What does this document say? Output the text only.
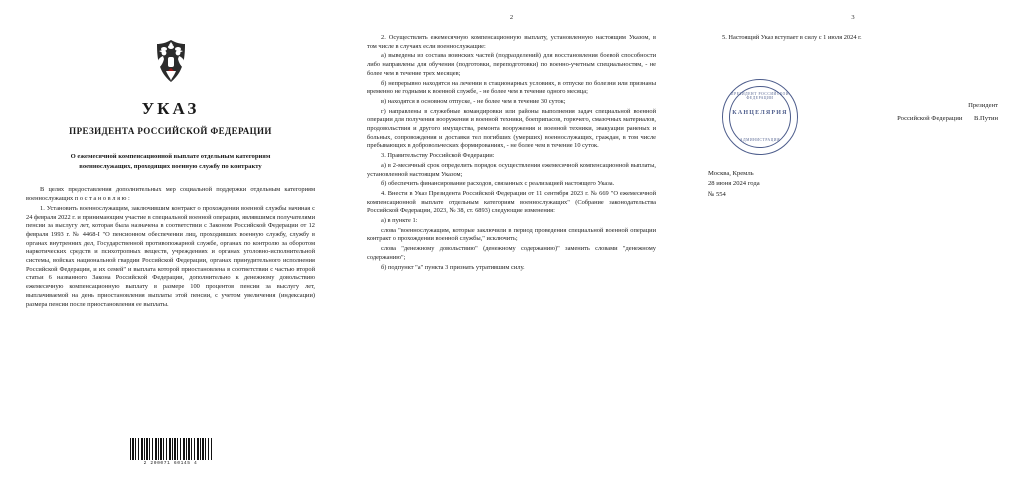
УКАЗ
ПРЕЗИДЕНТА РОССИЙСКОЙ ФЕДЕРАЦИИ
О ежемесячной компенсационной выплате отдельным категориям военнослужащих, проходящих военную службу по контракту

В целях предоставления дополнительных мер социальной поддержки отдельным категориям военнослужащих п о с т а н о в л я ю :

1. Установить военнослужащим, заключившим контракт о прохождении военной службы начиная с 24 февраля 2022 г. и принимающим участие в специальной военной операции, являвшимся получателями пенсии за выслугу лет, которая была назначена в соответствии с Законом Российской Федерации от 12 февраля 1993 г. № 4468-I "О пенсионном обеспечении лиц, проходивших военную службу, службу в органах внутренних дел, Государственной противопожарной службе, органах по контролю за оборотом наркотических средств и психотропных веществ, учреждениях и органах уголовно-исполнительной системы, войсках национальной гвардии Российской Федерации, органах принудительного исполнения Российской Федерации, и их семей" и выплата которой приостановлена в соответствии с частью второй статьи 6 названного Закона Российской Федерации, дополнительно к денежному довольствию ежемесячную компенсационную выплату в размере 100 процентов пенсии за выслугу лет, выплачиваемой на день приостановления выплаты этой пенсии, с учетом увеличения (индексации) размера пенсии после приостановления ее выплаты.

2 200071 60145 4
2

2. Осуществлять ежемесячную компенсационную выплату, установленную настоящим Указом, в том числе в случаях если военнослужащие:

а) выведены из состава воинских частей (подразделений) для восстановления боевой способности либо направлены для обучения (подготовки, переподготовки) по военно-учетным специальностям, - не более чем в течение трех месяцев;

б) непрерывно находятся на лечении в стационарных условиях, в отпуске по болезни или признаны временно не годными к военной службе, - не более чем в течение одного месяца;

в) находятся в основном отпуске, - не более чем в течение 30 суток;

г) направлены в служебные командировки или районы выполнения задач специальной военной операции для получения вооружения и военной техники, боеприпасов, горючего, смазочных материалов, продовольствия и другого имущества, ремонта вооружения и военной техники, эвакуации раненых и больных, сопровождения и доставки тел погибших (умерших) военнослужащих, граждан, в том числе пребывающих в добровольческих формированиях, - не более чем в течение 10 суток.

3. Правительству Российской Федерации:

а) в 2-месячный срок определить порядок осуществления ежемесячной компенсационной выплаты, установленной настоящим Указом;

б) обеспечить финансирование расходов, связанных с реализацией настоящего Указа.

4. Внести в Указ Президента Российской Федерации от 11 сентября 2023 г. № 669 "О ежемесячной компенсационной выплате отдельным категориям военнослужащих" (Собрание законодательства Российской Федерации, 2023, № 38, ст. 6893) следующие изменения:

а) в пункте 1:

слова "военнослужащим, которые заключили в период проведения специальной военной операции контракт о прохождении военной службы," исключить;

слова "денежному довольствию" (денежному содержанию)" заменить словами "денежному содержанию";

б) подпункт "а" пункта 3 признать утратившим силу.

3

5. Настоящий Указ вступает в силу с 1 июля 2024 г.

ПРЕЗИДЕНТ РОССИЙСКОЙ ФЕДЕРАЦИИ
КАНЦЕЛЯРИЯ
АДМИНИСТРАЦИЯ
Президент
Российской Федерации В.Путин
Москва, Кремль
28 июня 2024 года
№ 554
